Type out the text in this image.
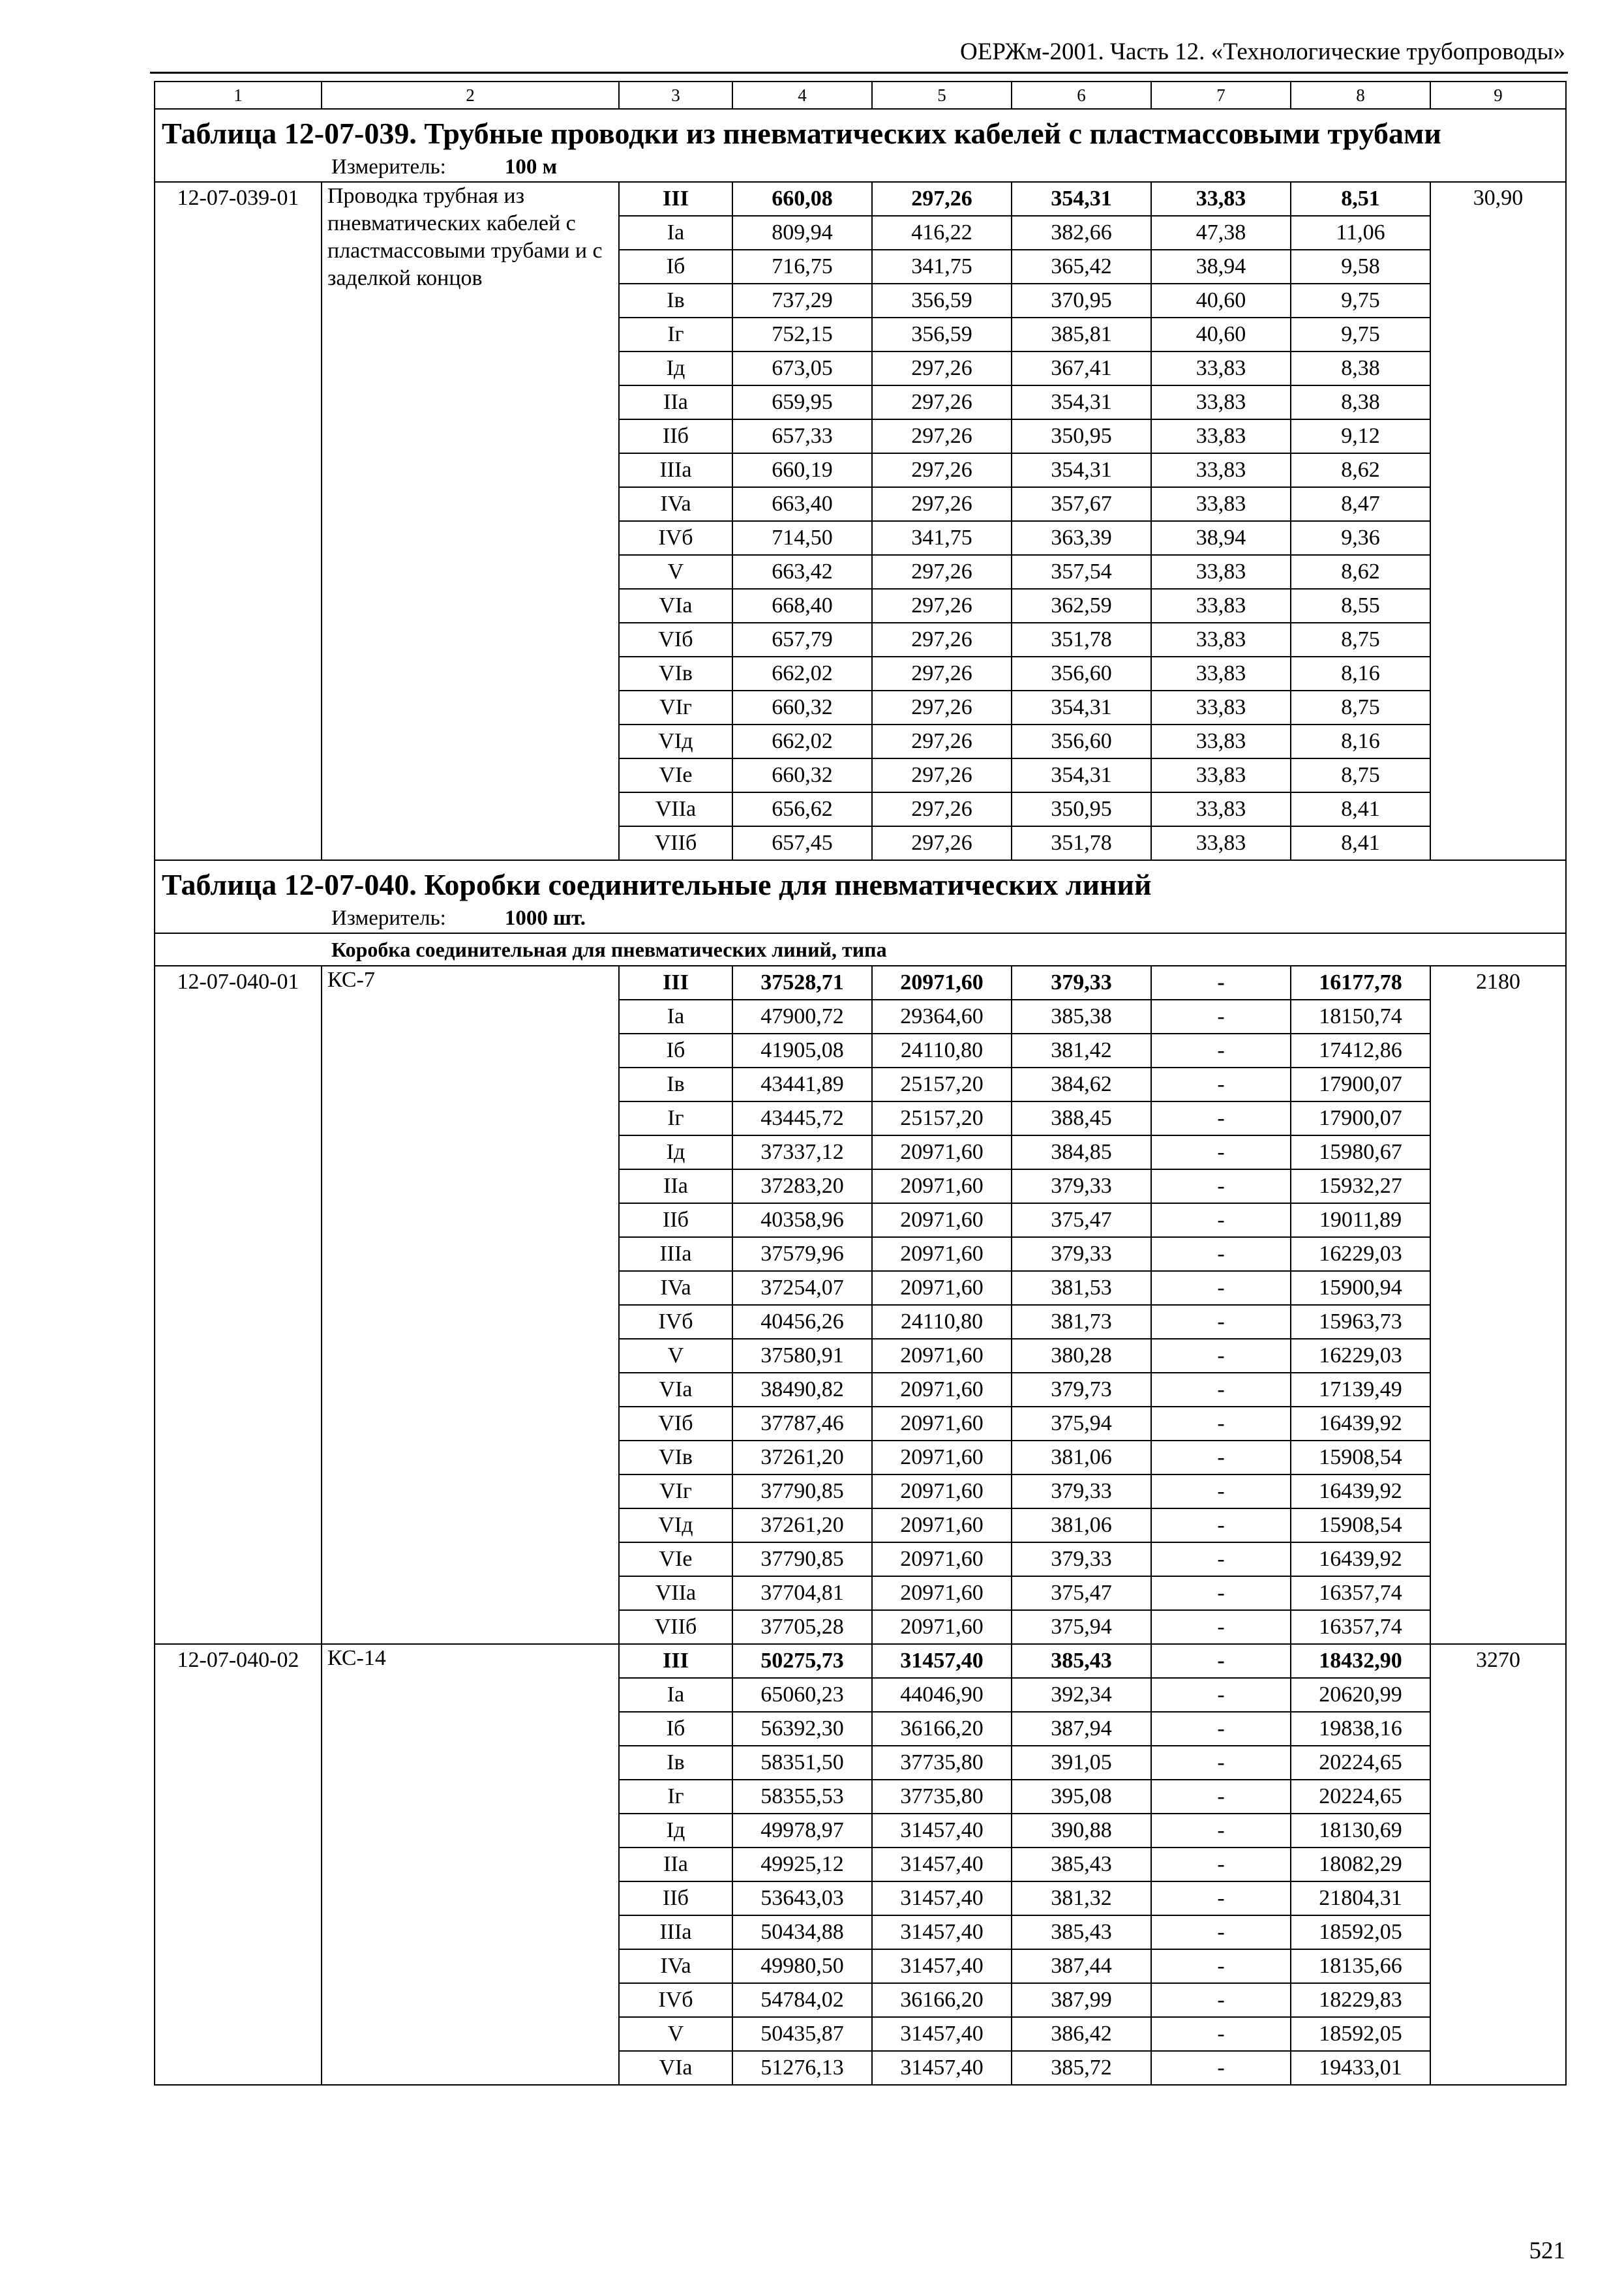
ОЕРЖм-2001. Часть 12. «Технологические трубопроводы»
1	2	3	4	5	6	7	8	9
Таблица 12-07-039. Трубные проводки из пневматических кабелей с пластмассовыми трубами								
Измеритель: 100 м								
12-07-039-01	Проводка трубная из пневматических кабелей с пластмассовыми трубами и с заделкой концов	III	660,08	297,26	354,31	33,83	8,51	30,90
		Ia	809,94	416,22	382,66	47,38	11,06	
		Iб	716,75	341,75	365,42	38,94	9,58	
		Iв	737,29	356,59	370,95	40,60	9,75	
		Iг	752,15	356,59	385,81	40,60	9,75	
		Iд	673,05	297,26	367,41	33,83	8,38	
		IIa	659,95	297,26	354,31	33,83	8,38	
		IIб	657,33	297,26	350,95	33,83	9,12	
		IIIa	660,19	297,26	354,31	33,83	8,62	
		IVa	663,40	297,26	357,67	33,83	8,47	
		IVб	714,50	341,75	363,39	38,94	9,36	
		V	663,42	297,26	357,54	33,83	8,62	
		VIa	668,40	297,26	362,59	33,83	8,55	
		VIб	657,79	297,26	351,78	33,83	8,75	
		VIв	662,02	297,26	356,60	33,83	8,16	
		VIг	660,32	297,26	354,31	33,83	8,75	
		VIд	662,02	297,26	356,60	33,83	8,16	
		VIe	660,32	297,26	354,31	33,83	8,75	
		VIIa	656,62	297,26	350,95	33,83	8,41	
		VIIб	657,45	297,26	351,78	33,83	8,41	
Таблица 12-07-040. Коробки соединительные для пневматических линий								
Измеритель: 1000 шт.								
Коробка соединительная для пневматических линий, типа								
12-07-040-01	КС-7	III	37528,71	20971,60	379,33	-	16177,78	2180
		Ia	47900,72	29364,60	385,38	-	18150,74	
		Iб	41905,08	24110,80	381,42	-	17412,86	
		Iв	43441,89	25157,20	384,62	-	17900,07	
		Iг	43445,72	25157,20	388,45	-	17900,07	
		Iд	37337,12	20971,60	384,85	-	15980,67	
		IIa	37283,20	20971,60	379,33	-	15932,27	
		IIб	40358,96	20971,60	375,47	-	19011,89	
		IIIa	37579,96	20971,60	379,33	-	16229,03	
		IVa	37254,07	20971,60	381,53	-	15900,94	
		IVб	40456,26	24110,80	381,73	-	15963,73	
		V	37580,91	20971,60	380,28	-	16229,03	
		VIa	38490,82	20971,60	379,73	-	17139,49	
		VIб	37787,46	20971,60	375,94	-	16439,92	
		VIв	37261,20	20971,60	381,06	-	15908,54	
		VIг	37790,85	20971,60	379,33	-	16439,92	
		VIд	37261,20	20971,60	381,06	-	15908,54	
		VIe	37790,85	20971,60	379,33	-	16439,92	
		VIIa	37704,81	20971,60	375,47	-	16357,74	
		VIIб	37705,28	20971,60	375,94	-	16357,74	
12-07-040-02	КС-14	III	50275,73	31457,40	385,43	-	18432,90	3270
		Ia	65060,23	44046,90	392,34	-	20620,99	
		Iб	56392,30	36166,20	387,94	-	19838,16	
		Iв	58351,50	37735,80	391,05	-	20224,65	
		Iг	58355,53	37735,80	395,08	-	20224,65	
		Iд	49978,97	31457,40	390,88	-	18130,69	
		IIa	49925,12	31457,40	385,43	-	18082,29	
		IIб	53643,03	31457,40	381,32	-	21804,31	
		IIIa	50434,88	31457,40	385,43	-	18592,05	
		IVa	49980,50	31457,40	387,44	-	18135,66	
		IVб	54784,02	36166,20	387,99	-	18229,83	
		V	50435,87	31457,40	386,42	-	18592,05	
		VIa	51276,13	31457,40	385,72	-	19433,01	
521
